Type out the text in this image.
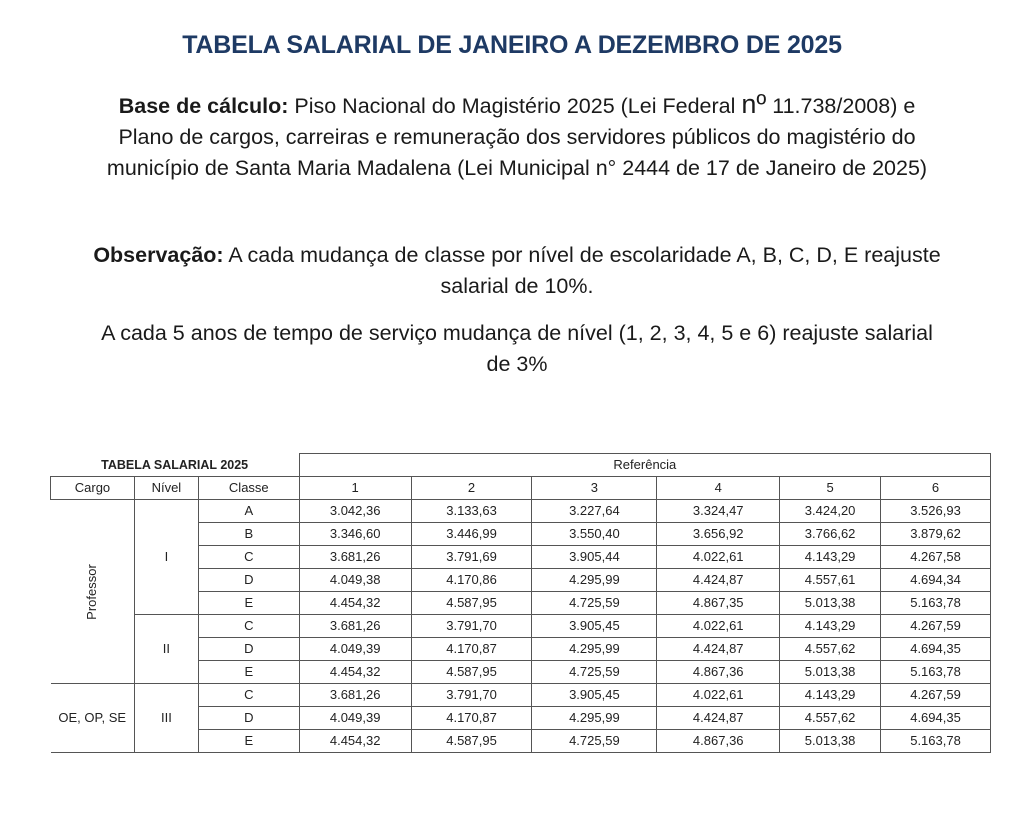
TABELA SALARIAL DE JANEIRO A DEZEMBRO DE 2025
Base de cálculo: Piso Nacional do Magistério 2025 (Lei Federal nº 11.738/2008) e Plano de cargos, carreiras e remuneração dos servidores públicos do magistério do município de Santa Maria Madalena (Lei Municipal n° 2444 de 17 de Janeiro de 2025)
Observação: A cada mudança de classe por nível de escolaridade A, B, C, D, E reajuste salarial de 10%.
A cada 5 anos de tempo de serviço mudança de nível (1, 2, 3, 4, 5 e 6) reajuste salarial de 3%
TABELA SALARIAL 2025			Referência					
Cargo	Nível	Classe	1	2	3	4	5	6
Professor	I	A	3.042,36	3.133,63	3.227,64	3.324,47	3.424,20	3.526,93
		B	3.346,60	3.446,99	3.550,40	3.656,92	3.766,62	3.879,62
		C	3.681,26	3.791,69	3.905,44	4.022,61	4.143,29	4.267,58
		D	4.049,38	4.170,86	4.295,99	4.424,87	4.557,61	4.694,34
		E	4.454,32	4.587,95	4.725,59	4.867,35	5.013,38	5.163,78
	II	C	3.681,26	3.791,70	3.905,45	4.022,61	4.143,29	4.267,59
		D	4.049,39	4.170,87	4.295,99	4.424,87	4.557,62	4.694,35
		E	4.454,32	4.587,95	4.725,59	4.867,36	5.013,38	5.163,78
OE, OP, SE	III	C	3.681,26	3.791,70	3.905,45	4.022,61	4.143,29	4.267,59
		D	4.049,39	4.170,87	4.295,99	4.424,87	4.557,62	4.694,35
		E	4.454,32	4.587,95	4.725,59	4.867,36	5.013,38	5.163,78
